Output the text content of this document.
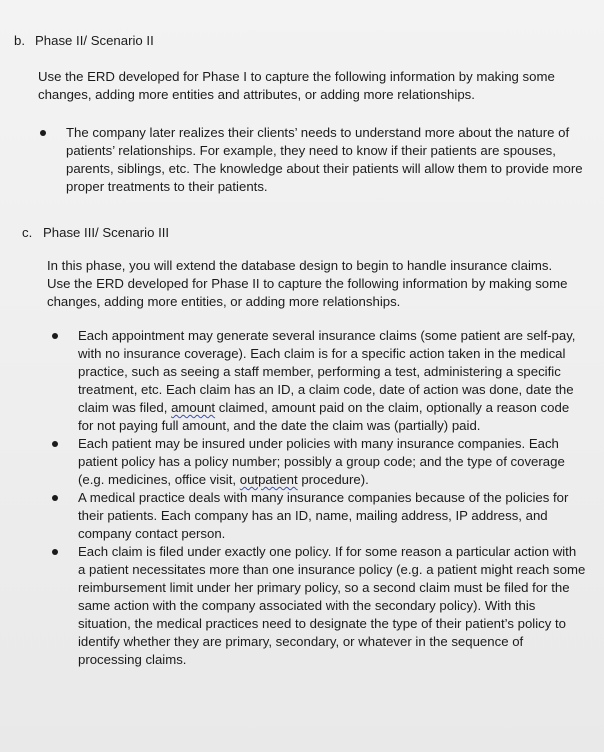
b. Phase II/ Scenario II
Use the ERD developed for Phase I to capture the following information by making some changes, adding more entities and attributes, or adding more relationships.
The company later realizes their clients’ needs to understand more about the nature of patients’ relationships. For example, they need to know if their patients are spouses, parents, siblings, etc. The knowledge about their patients will allow them to provide more proper treatments to their patients.
c. Phase III/ Scenario III
In this phase, you will extend the database design to begin to handle insurance claims. Use the ERD developed for Phase II to capture the following information by making some changes, adding more entities, or adding more relationships.
Each appointment may generate several insurance claims (some patient are self-pay, with no insurance coverage). Each claim is for a specific action taken in the medical practice, such as seeing a staff member, performing a test, administering a specific treatment, etc. Each claim has an ID, a claim code, date of action was done, date the claim was filed, amount claimed, amount paid on the claim, optionally a reason code for not paying full amount, and the date the claim was (partially) paid.
Each patient may be insured under policies with many insurance companies. Each patient policy has a policy number; possibly a group code; and the type of coverage (e.g. medicines, office visit, outpatient procedure).
A medical practice deals with many insurance companies because of the policies for their patients. Each company has an ID, name, mailing address, IP address, and company contact person.
Each claim is filed under exactly one policy. If for some reason a particular action with a patient necessitates more than one insurance policy (e.g. a patient might reach some reimbursement limit under her primary policy, so a second claim must be filed for the same action with the company associated with the secondary policy). With this situation, the medical practices need to designate the type of their patient’s policy to identify whether they are primary, secondary, or whatever in the sequence of processing claims.
